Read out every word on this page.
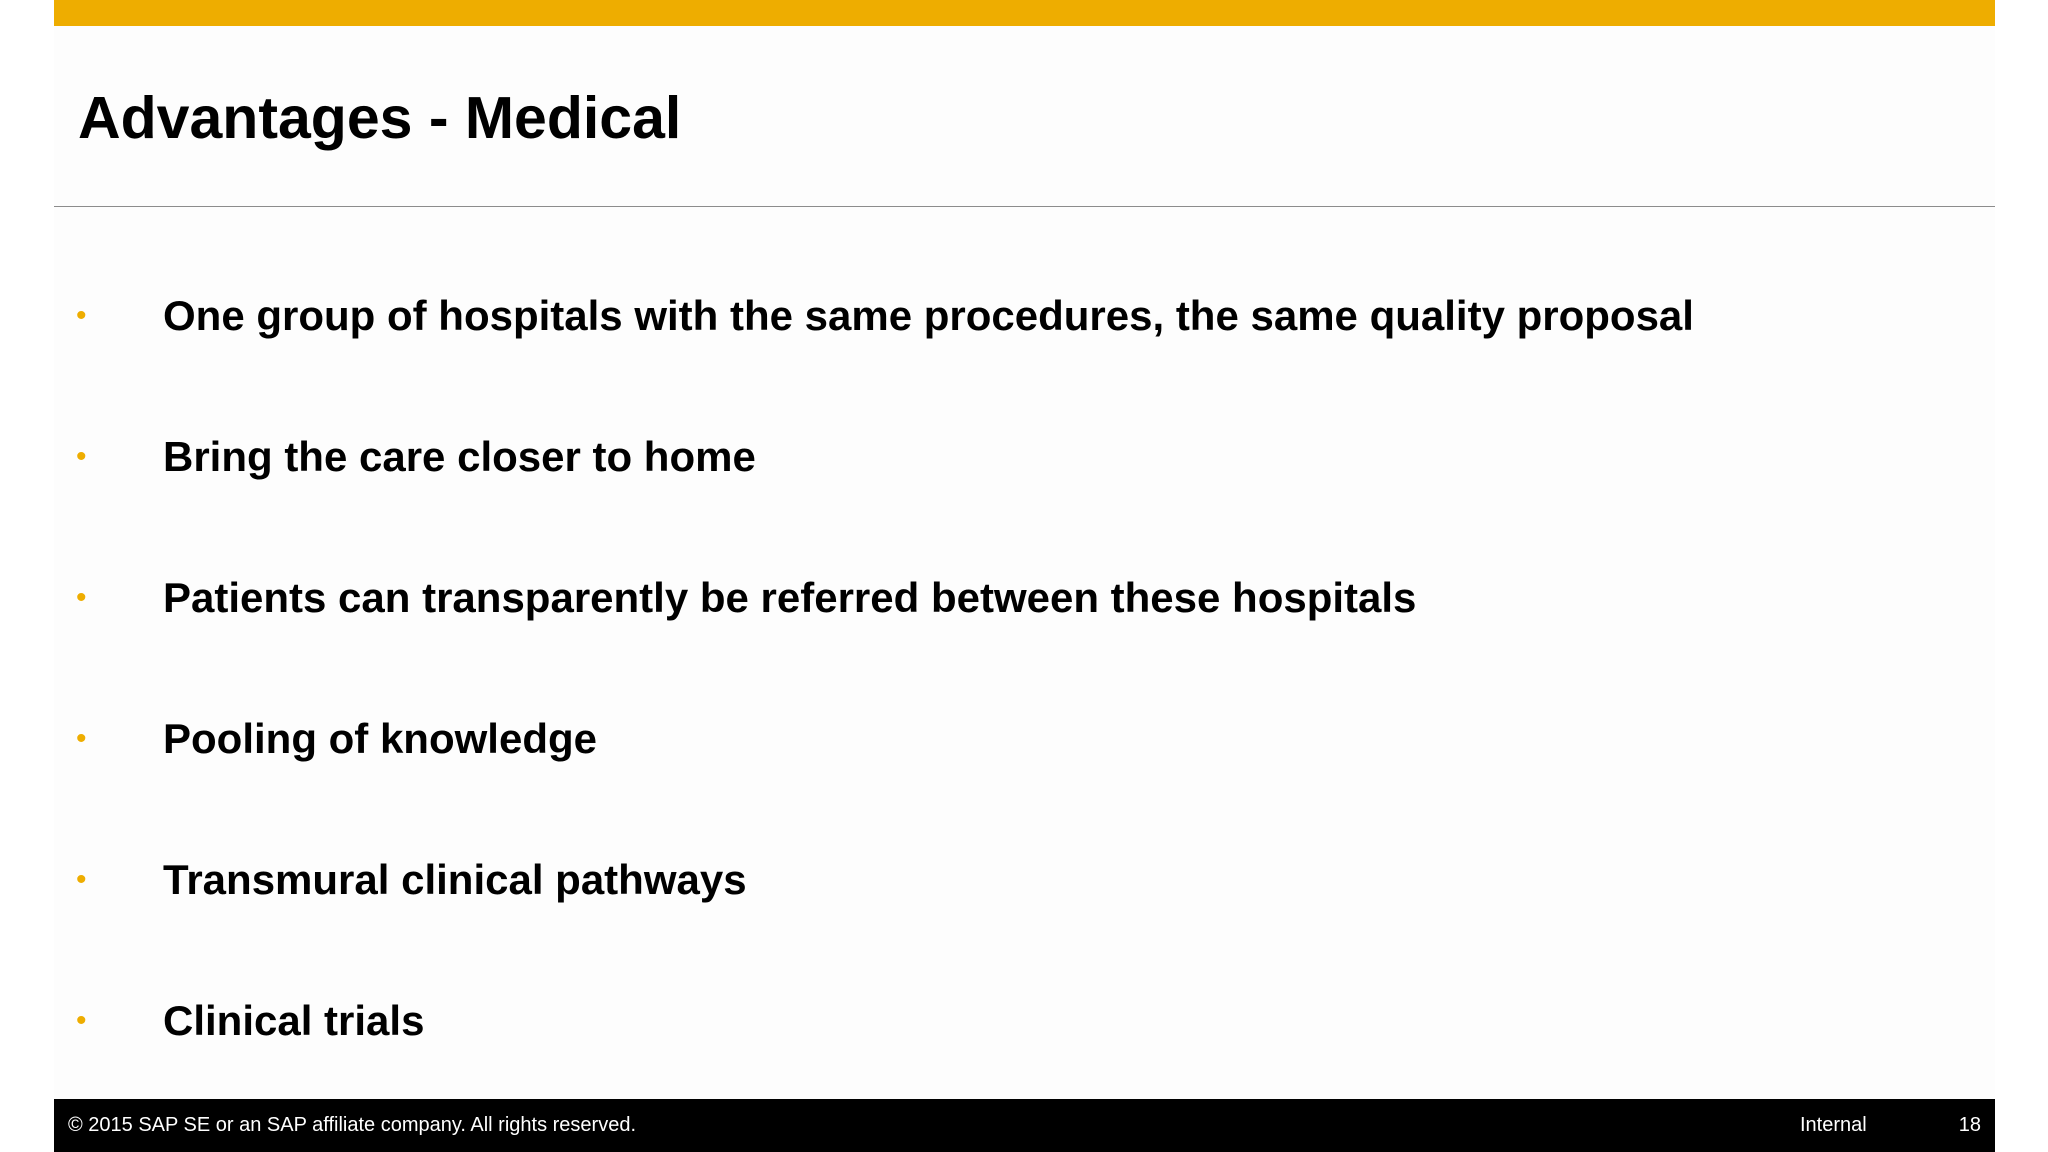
Advantages - Medical
• One group of hospitals with the same procedures, the same quality proposal
• Bring the care closer to home
• Patients can transparently be referred between these hospitals
• Pooling of knowledge
• Transmural clinical pathways
• Clinical trials
© 2015 SAP SE or an SAP affiliate company. All rights reserved.	Internal	18
